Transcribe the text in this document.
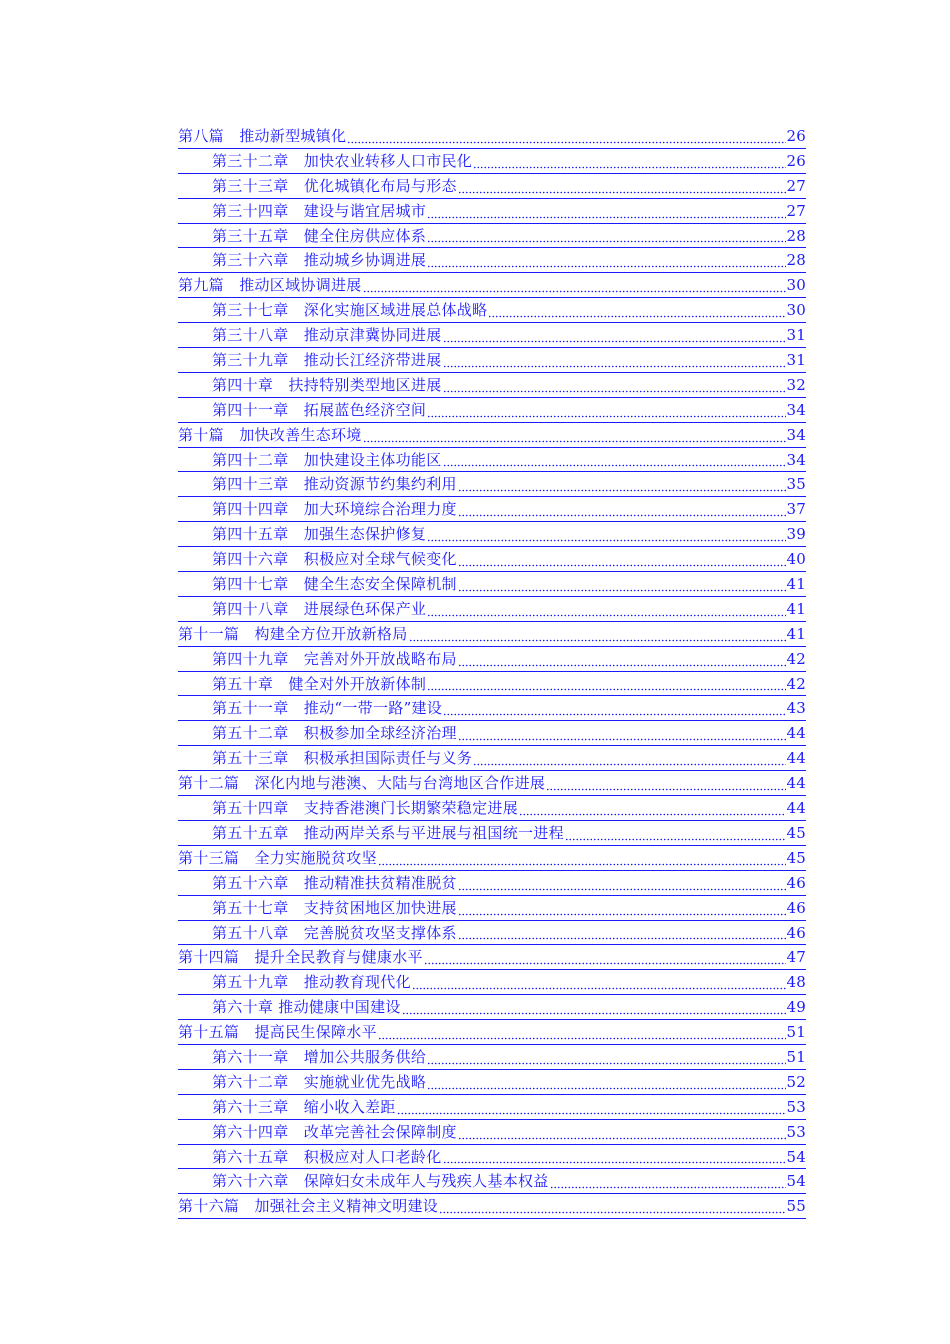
第八篇　推动新型城镇化	26
第三十二章　加快农业转移人口市民化	26
第三十三章　优化城镇化布局与形态	27
第三十四章　建设与谐宜居城市	27
第三十五章　健全住房供应体系	28
第三十六章　推动城乡协调进展	28
第九篇　推动区域协调进展	30
第三十七章　深化实施区域进展总体战略	30
第三十八章　推动京津冀协同进展	31
第三十九章　推动长江经济带进展	31
第四十章　扶持特别类型地区进展	32
第四十一章　拓展蓝色经济空间	34
第十篇　加快改善生态环境	34
第四十二章　加快建设主体功能区	34
第四十三章　推动资源节约集约利用	35
第四十四章　加大环境综合治理力度	37
第四十五章　加强生态保护修复	39
第四十六章　积极应对全球气候变化	40
第四十七章　健全生态安全保障机制	41
第四十八章　进展绿色环保产业	41
第十一篇　构建全方位开放新格局	41
第四十九章　完善对外开放战略布局	42
第五十章　健全对外开放新体制	42
第五十一章　推动“一带一路”建设	43
第五十二章　积极参加全球经济治理	44
第五十三章　积极承担国际责任与义务	44
第十二篇　深化内地与港澳、大陆与台湾地区合作进展	44
第五十四章　支持香港澳门长期繁荣稳定进展	44
第五十五章　推动两岸关系与平进展与祖国统一进程	45
第十三篇　全力实施脱贫攻坚	45
第五十六章　推动精准扶贫精准脱贫	46
第五十七章　支持贫困地区加快进展	46
第五十八章　完善脱贫攻坚支撑体系	46
第十四篇　提升全民教育与健康水平	47
第五十九章　推动教育现代化	48
第六十章 推动健康中国建设	49
第十五篇　提高民生保障水平	51
第六十一章　增加公共服务供给	51
第六十二章　实施就业优先战略	52
第六十三章　缩小收入差距	53
第六十四章　改革完善社会保障制度	53
第六十五章　积极应对人口老龄化	54
第六十六章　保障妇女未成年人与残疾人基本权益	54
第十六篇　加强社会主义精神文明建设	55
